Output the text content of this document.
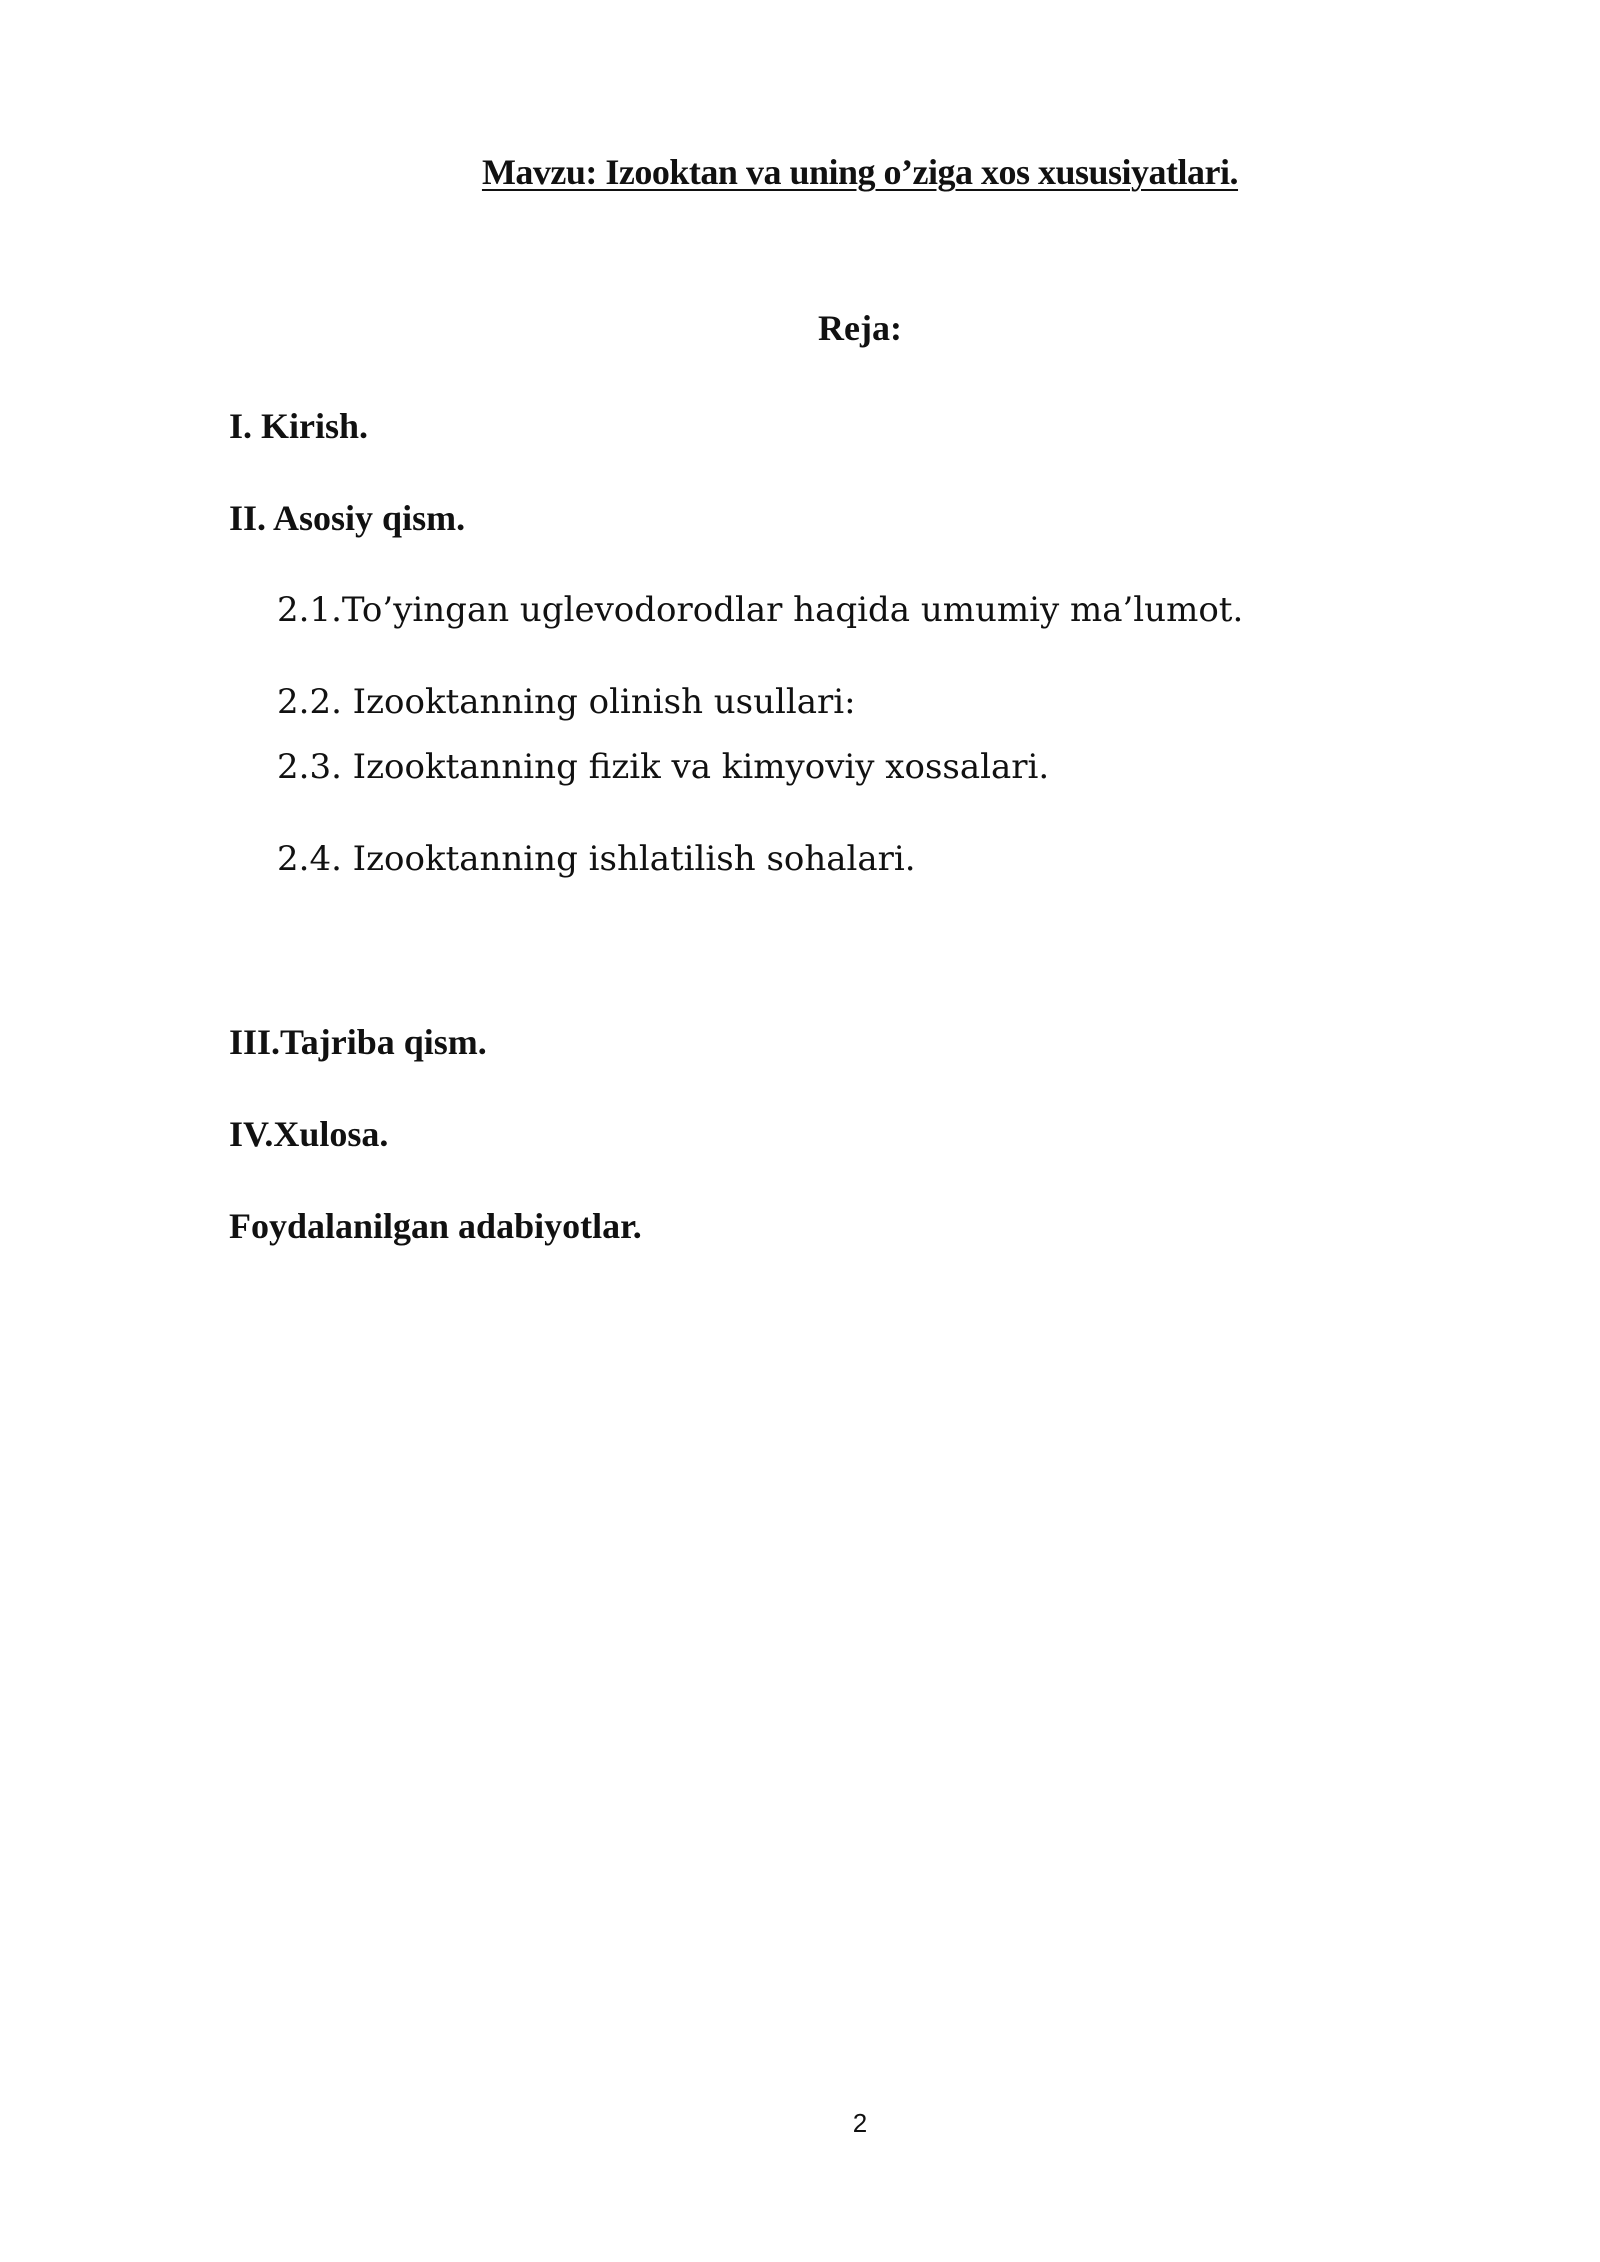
Mavzu: Izooktan va uning o’ziga xos xususiyatlari.
Reja:
I. Kirish.
II. Asosiy qism.
2.1.To’yingan uglevodorodlar haqida umumiy ma’lumot.
2.2. Izooktanning olinish usullari:
2.3. Izooktanning fizik va kimyoviy xossalari.
2.4. Izooktanning ishlatilish sohalari.
III.Tajriba qism.
IV.Xulosa.
Foydalanilgan adabiyotlar.
2
